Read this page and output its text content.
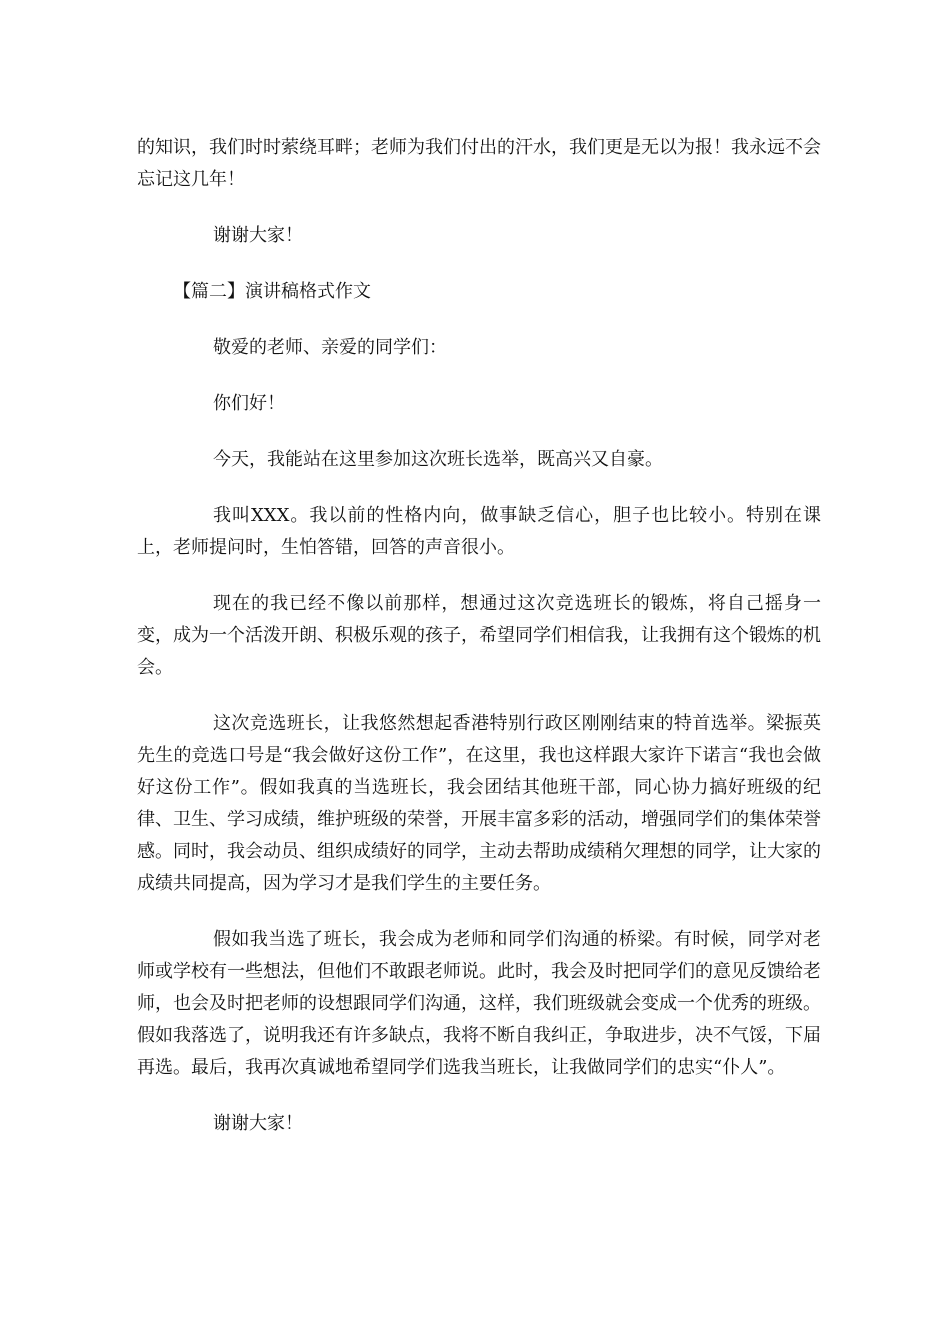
的知识，我们时时萦绕耳畔；老师为我们付出的汗水，我们更是无以为报！我永远不会忘记这几年！

谢谢大家！

【篇二】演讲稿格式作文

敬爱的老师、亲爱的同学们：

你们好！

今天，我能站在这里参加这次班长选举，既高兴又自豪。

我叫XXX。我以前的性格内向，做事缺乏信心，胆子也比较小。特别在课上，老师提问时，生怕答错，回答的声音很小。

现在的我已经不像以前那样，想通过这次竞选班长的锻炼，将自己摇身一变，成为一个活泼开朗、积极乐观的孩子，希望同学们相信我，让我拥有这个锻炼的机会。

这次竞选班长，让我悠然想起香港特别行政区刚刚结束的特首选举。梁振英先生的竞选口号是“我会做好这份工作”，在这里，我也这样跟大家许下诺言“我也会做好这份工作”。假如我真的当选班长，我会团结其他班干部，同心协力搞好班级的纪律、卫生、学习成绩，维护班级的荣誉，开展丰富多彩的活动，增强同学们的集体荣誉感。同时，我会动员、组织成绩好的同学，主动去帮助成绩稍欠理想的同学，让大家的成绩共同提高，因为学习才是我们学生的主要任务。

假如我当选了班长，我会成为老师和同学们沟通的桥梁。有时候，同学对老师或学校有一些想法，但他们不敢跟老师说。此时，我会及时把同学们的意见反馈给老师，也会及时把老师的设想跟同学们沟通，这样，我们班级就会变成一个优秀的班级。假如我落选了，说明我还有许多缺点，我将不断自我纠正，争取进步，决不气馁，下届再选。最后，我再次真诚地希望同学们选我当班长，让我做同学们的忠实“仆人”。

谢谢大家！
